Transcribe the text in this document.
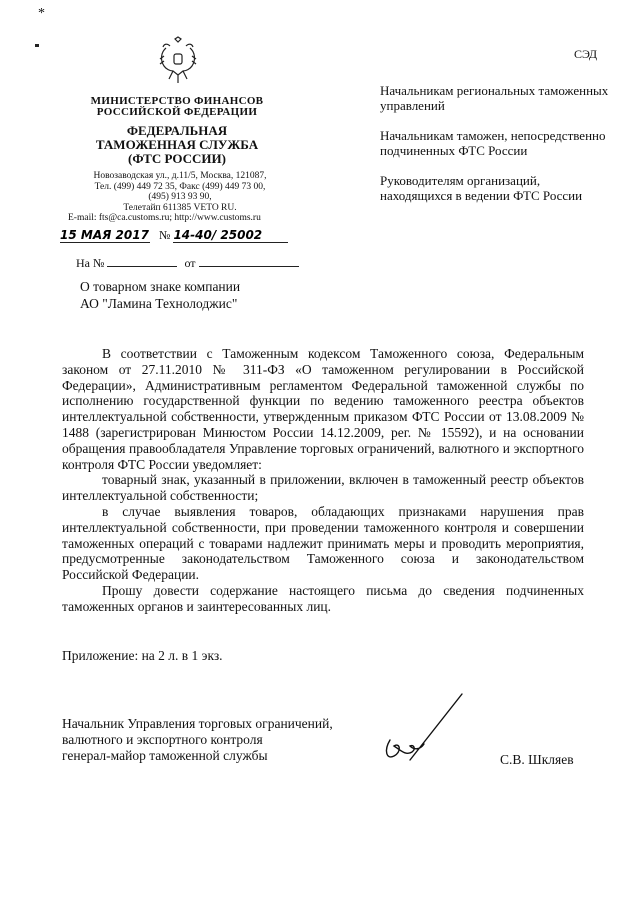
*
СЭД
МИНИСТЕРСТВО ФИНАНСОВ
РОССИЙСКОЙ ФЕДЕРАЦИИ
ФЕДЕРАЛЬНАЯ
ТАМОЖЕННАЯ СЛУЖБА
(ФТС РОССИИ)
Новозаводская ул., д.11/5, Москва, 121087,
Тел. (499) 449 72 35, Факс (499) 449 73 00,
(495) 913 93 90,
Телетайп 611385 VETO RU.
E-mail: fts@ca.customs.ru; http://www.customs.ru
15 МАЯ 2017 № 14-40/ 25002
На №	от
Начальникам региональных таможенных управлений
Начальникам таможен, непосредственно подчиненных ФТС России
Руководителям организаций, находящихся в ведении ФТС России
О товарном знаке компании
АО "Ламина Технолоджис"

В соответствии с Таможенным кодексом Таможенного союза, Федеральным законом от 27.11.2010 № 311-ФЗ «О таможенном регулировании в Российской Федерации», Административным регламентом Федеральной таможенной службы по исполнению государственной функции по ведению таможенного реестра объектов интеллектуальной собственности, утвержденным приказом ФТС России от 13.08.2009 № 1488 (зарегистрирован Минюстом России 14.12.2009, рег. № 15592), и на основании обращения правообладателя Управление торговых ограничений, валютного и экспортного контроля ФТС России уведомляет:

товарный знак, указанный в приложении, включен в таможенный реестр объектов интеллектуальной собственности;

в случае выявления товаров, обладающих признаками нарушения прав интеллектуальной собственности, при проведении таможенного контроля и совершении таможенных операций с товарами надлежит принимать меры и проводить мероприятия, предусмотренные законодательством Таможенного союза и законодательством Российской Федерации.

Прошу довести содержание настоящего письма до сведения подчиненных таможенных органов и заинтересованных лиц.

Приложение: на 2 л. в 1 экз.
Начальник Управления торговых ограничений,
валютного и экспортного контроля
генерал-майор таможенной службы	С.В. Шкляев
